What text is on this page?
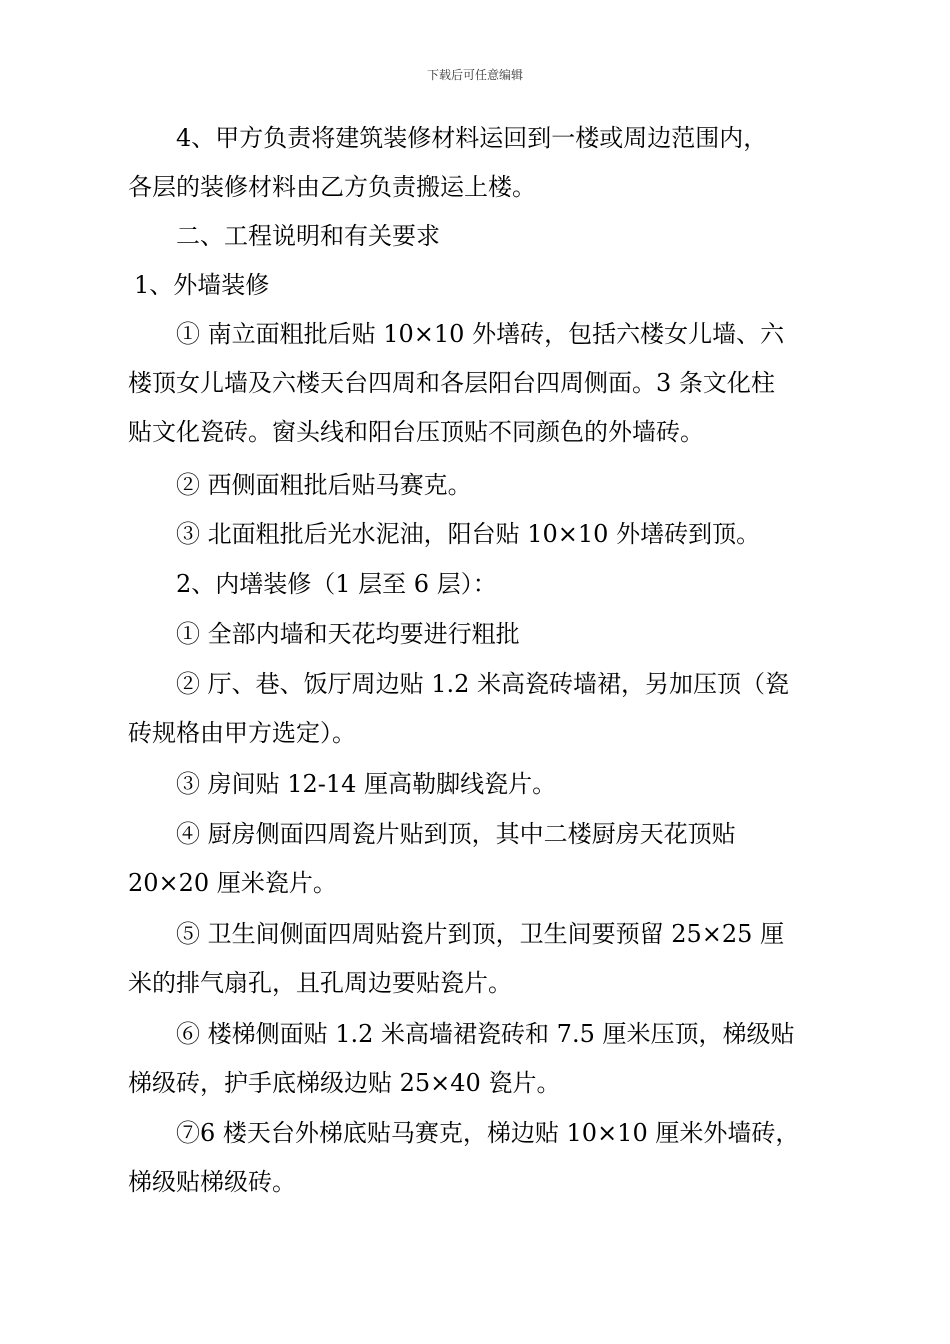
下载后可任意编辑
4、甲方负责将建筑装修材料运回到一楼或周边范围内，
各层的装修材料由乙方负责搬运上楼。
二、工程说明和有关要求
1、外墙装修
① 南立面粗批后贴 10×10 外墡砖，包括六楼女儿墙、六
楼顶女儿墙及六楼天台四周和各层阳台四周侧面。3 条文化柱
贴文化瓷砖。窗头线和阳台压顶贴不同颜色的外墙砖。
② 西侧面粗批后贴马赛克。
③ 北面粗批后光水泥油，阳台贴 10×10 外墡砖到顶。
2、内墡装修（1 层至 6 层）：
① 全部内墙和天花均要进行粗批
② 厅、巷、饭厅周边贴 1.2 米高瓷砖墙裙，另加压顶（瓷
砖规格由甲方选定）。
③ 房间贴 12-14 厘高勒脚线瓷片。
④ 厨房侧面四周瓷片贴到顶，其中二楼厨房天花顶贴
20×20 厘米瓷片。
⑤ 卫生间侧面四周贴瓷片到顶，卫生间要预留 25×25 厘
米的排气扇孔，且孔周边要贴瓷片。
⑥ 楼梯侧面贴 1.2 米高墙裙瓷砖和 7.5 厘米压顶，梯级贴
梯级砖，护手底梯级边贴 25×40 瓷片。
⑦6 楼天台外梯底贴马赛克，梯边贴 10×10 厘米外墙砖，
梯级贴梯级砖。
